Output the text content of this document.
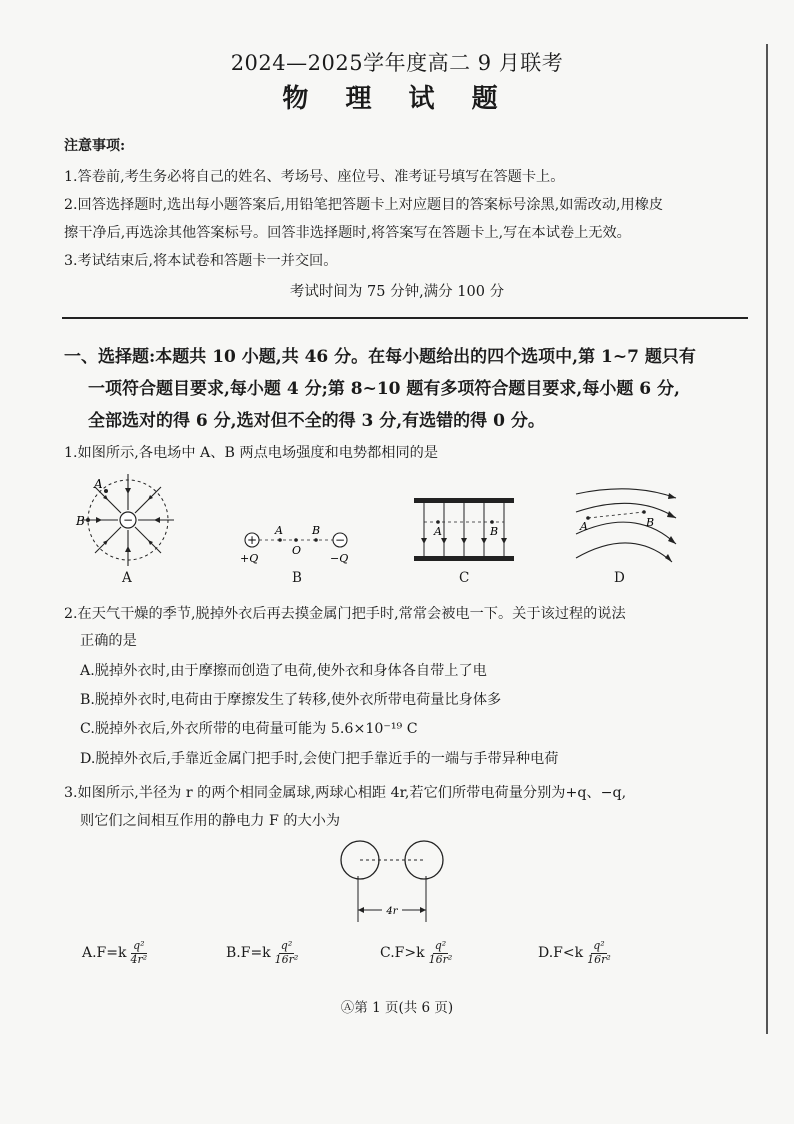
2024—2025学年度高二 9 月联考
物 理 试 题
注意事项:
1.答卷前,考生务必将自己的姓名、考场号、座位号、准考证号填写在答题卡上。
2.回答选择题时,选出每小题答案后,用铅笔把答题卡上对应题目的答案标号涂黑,如需改动,用橡皮
擦干净后,再选涂其他答案标号。回答非选择题时,将答案写在答题卡上,写在本试卷上无效。
3.考试结束后,将本试卷和答题卡一并交回。
考试时间为 75 分钟,满分 100 分
一、选择题:本题共 10 小题,共 46 分。在每小题给出的四个选项中,第 1~7 题只有
一项符合题目要求,每小题 4 分;第 8~10 题有多项符合题目要求,每小题 6 分,
全部选对的得 6 分,选对但不全的得 3 分,有选错的得 0 分。
1.如图所示,各电场中 A、B 两点电场强度和电势都相同的是
−
A
B
A
+	−
A
O
B
+Q	−Q
B
A	B
C
A	B
D
2.在天气干燥的季节,脱掉外衣后再去摸金属门把手时,常常会被电一下。关于该过程的说法
正确的是
A.脱掉外衣时,由于摩擦而创造了电荷,使外衣和身体各自带上了电
B.脱掉外衣时,电荷由于摩擦发生了转移,使外衣所带电荷量比身体多
C.脱掉外衣后,外衣所带的电荷量可能为 5.6×10⁻¹⁹ C
D.脱掉外衣后,手靠近金属门把手时,会使门把手靠近手的一端与手带异种电荷
3.如图所示,半径为 r 的两个相同金属球,两球心相距 4r,若它们所带电荷量分别为+q、−q,
则它们之间相互作用的静电力 F 的大小为
4r
$A.F=k \frac{\text{q²}}{\text{4r²}}$	$B.F=k \frac{\text{q²}}{\text{16r²}}$	$C.F>k \frac{\text{q²}}{\text{16r²}}$	$D.F<k \frac{\text{q²}}{\text{16r²}}$
Ⓐ第 1 页(共 6 页)
